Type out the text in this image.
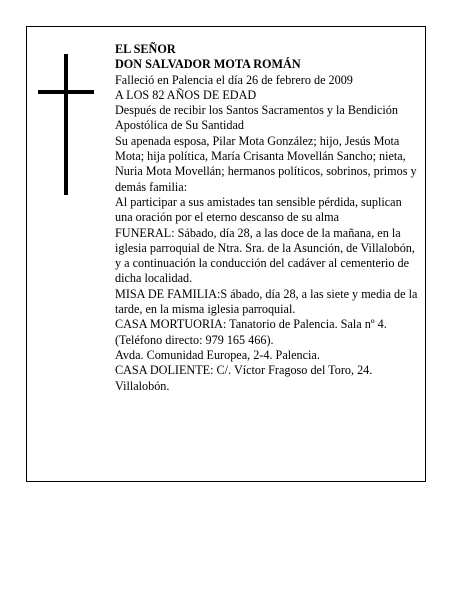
EL SEÑOR

DON SALVADOR MOTA ROMÁN

Falleció en Palencia el día 26 de febrero de 2009

A LOS 82 AÑOS DE EDAD

Después de recibir los Santos Sacramentos y la Bendición Apostólica de Su Santidad

Su apenada esposa, Pilar Mota González; hijo, Jesús Mota Mota; hija política, María Crisanta Movellán Sancho; nieta, Nuria Mota Movellán; hermanos políticos, sobrinos, primos y demás familia:

Al participar a sus amistades tan sensible pérdida, suplican una oración por el eterno descanso de su alma

FUNERAL: Sábado, día 28, a las doce de la mañana, en la iglesia parroquial de Ntra. Sra. de la Asunción, de Villalobón, y a continuación la conducción del cadáver al cementerio de dicha localidad.

MISA DE FAMILIA:S ábado, día 28, a las siete y media de la tarde, en la misma iglesia parroquial.

CASA MORTUORIA: Tanatorio de Palencia. Sala nº 4. (Teléfono directo: 979 165 466).

Avda. Comunidad Europea, 2-4. Palencia.

CASA DOLIENTE: C/. Víctor Fragoso del Toro, 24. Villalobón.
